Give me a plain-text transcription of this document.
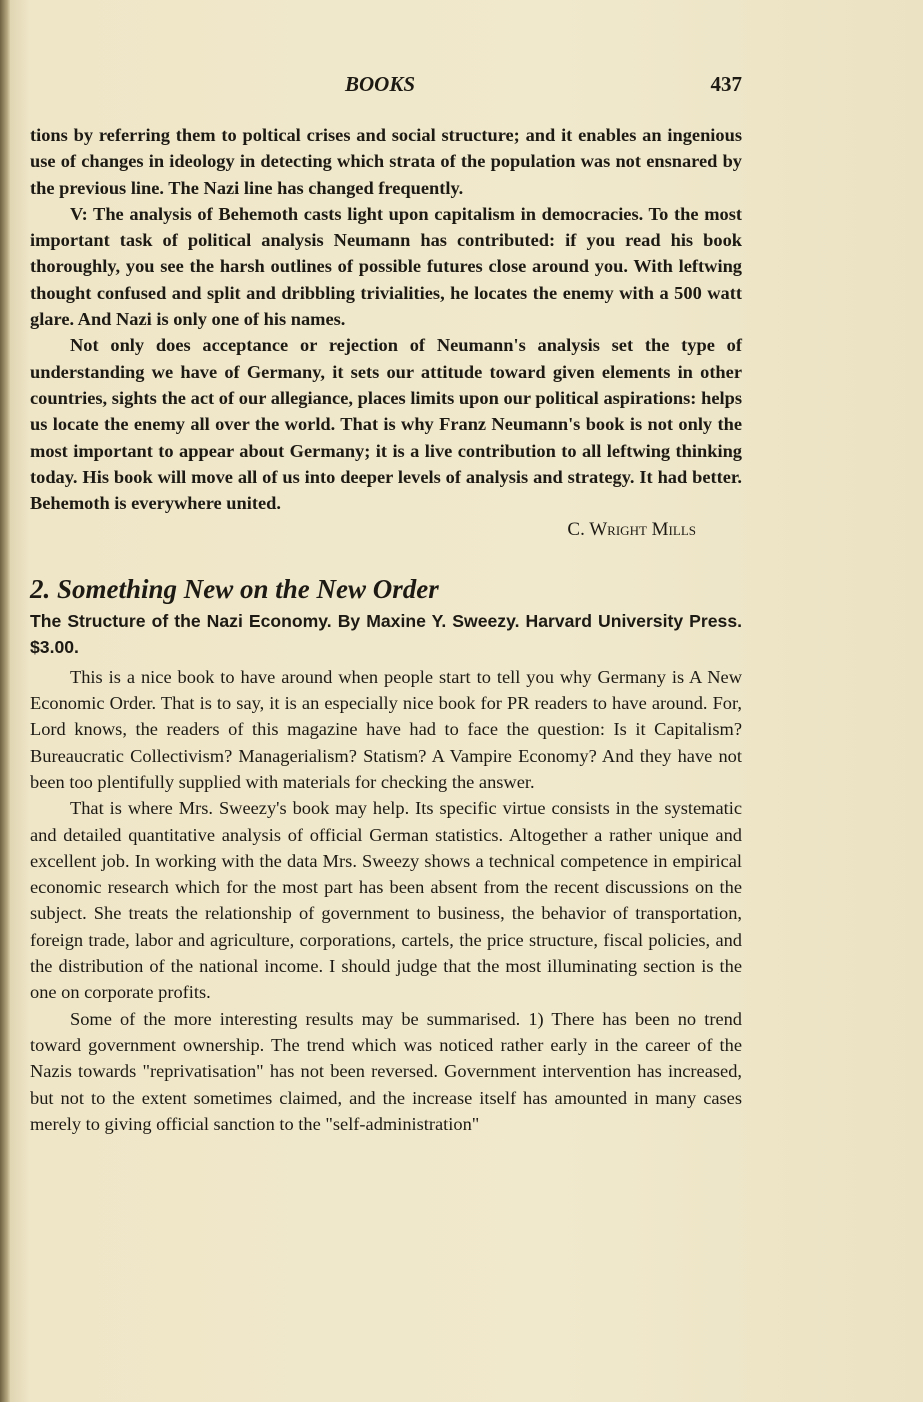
BOOKS	437

tions by referring them to poltical crises and social structure; and it enables an ingenious use of changes in ideology in detecting which strata of the population was not ensnared by the previous line. The Nazi line has changed frequently.

V: The analysis of Behemoth casts light upon capitalism in democracies. To the most important task of political analysis Neumann has contributed: if you read his book thoroughly, you see the harsh outlines of possible futures close around you. With leftwing thought confused and split and dribbling trivialities, he locates the enemy with a 500 watt glare. And Nazi is only one of his names.

Not only does acceptance or rejection of Neumann's analysis set the type of understanding we have of Germany, it sets our attitude toward given elements in other countries, sights the act of our allegiance, places limits upon our political aspirations: helps us locate the enemy all over the world. That is why Franz Neumann's book is not only the most important to appear about Germany; it is a live contribution to all leftwing thinking today. His book will move all of us into deeper levels of analysis and strategy. It had better. Behemoth is everywhere united.

C. Wright Mills

2. Something New on the New Order

The Structure of the Nazi Economy. By Maxine Y. Sweezy. Harvard University Press. $3.00.

This is a nice book to have around when people start to tell you why Germany is A New Economic Order. That is to say, it is an especially nice book for PR readers to have around. For, Lord knows, the readers of this magazine have had to face the question: Is it Capitalism? Bureaucratic Collectivism? Managerialism? Statism? A Vampire Economy? And they have not been too plentifully supplied with materials for checking the answer.

That is where Mrs. Sweezy's book may help. Its specific virtue consists in the systematic and detailed quantitative analysis of official German statistics. Altogether a rather unique and excellent job. In working with the data Mrs. Sweezy shows a technical competence in empirical economic research which for the most part has been absent from the recent discussions on the subject. She treats the relationship of government to business, the behavior of transportation, foreign trade, labor and agriculture, corporations, cartels, the price structure, fiscal policies, and the distribution of the national income. I should judge that the most illuminating section is the one on corporate profits.

Some of the more interesting results may be summarised. 1) There has been no trend toward government ownership. The trend which was noticed rather early in the career of the Nazis towards "reprivatisation" has not been reversed. Government intervention has increased, but not to the extent sometimes claimed, and the increase itself has amounted in many cases merely to giving official sanction to the "self-administration"
